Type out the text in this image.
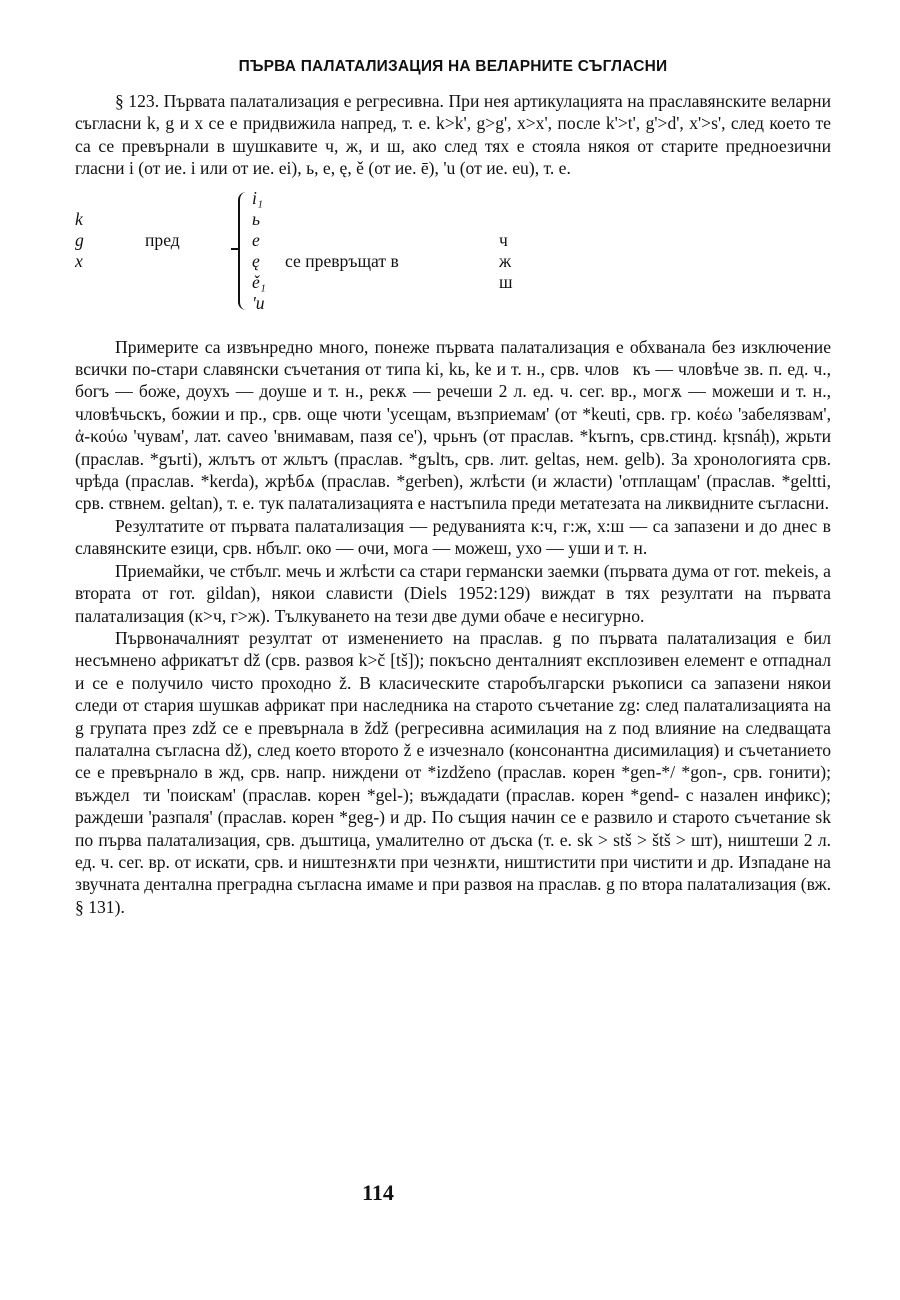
ПЪРВА ПАЛАТАЛИЗАЦИЯ НА ВЕЛАРНИТЕ СЪГЛАСНИ

§ 123. Първата палатализация е регресивна. При нея артикулацията на праславянските веларни съгласни k, g и x се е придвижила напред, т. е. k>k', g>g', x>x', после k'>t', g'>d', x'>s', след което те са се превърнали в шушкавите ч, ж, и ш, ако след тях е стояла някоя от старите предноезични гласни i (от ие. i или от ие. ei), ь, e, ę, ě (от ие. ē), 'u (от ие. eu), т. е.

k
g
x
пред
i₁
ь
e
ę
ě₁
'u
се превръщат в
ч
ж
ш

Примерите са извънредно много, понеже първата палатализация е обхванала без изключение всички по-стари славянски съчетания от типа ki, kь, ke и т. н., срв. члов꙽къ — чловѣче зв. п. ед. ч., богъ — боже, доухъ — доуше и т. н., рекѫ — речеши 2 л. ед. ч. сег. вр., могѫ — можеши и т. н., чловѣчьскъ, божии и пр., срв. още чюти 'усещам, възприемам' (от *keuti, срв. гр. κοέω 'забелязвам', ἀ-κούω 'чувам', лат. caveo 'внимавам, пазя се'), чрьнъ (от праслав. *kъrnъ, срв.стинд. kṛsnáḥ), жрьти (праслав. *gъrti), жлътъ от жльтъ (праслав. *gъltъ, срв. лит. geltas, нем. gelb). За хронологията срв. чрѣда (праслав. *kerda), жрѣбѧ (праслав. *gerben), жлѣсти (и жлаcти) 'отплащам' (праслав. *geltti, срв. ствнем. geltan), т. е. тук палатализацията е настъпила преди метатезата на ликвидните съгласни.

Резултатите от първата палатализация — редуванията к:ч, г:ж, х:ш — са запазени и до днес в славянските езици, срв. нбълг. око — очи, мога — можеш, ухо — уши и т. н.

Приемайки, че стбълг. мечь и жлѣсти са стари германски заемки (първата дума от гот. mekeis, а втората от гот. gildan), някои слависти (Diels 1952:129) виждат в тях резултати на първата палатализация (к>ч, г>ж). Тълкуването на тези две думи обаче е несигурно.

Първоначалният резултат от изменението на праслав. g по първата палатализация е бил несъмнено африкатът dž (срв. развоя k>č [tš]); покъсно денталният експлозивен елемент е отпаднал и се е получило чисто проходно ž. В класическите старобългарски ръкописи са запазени някои следи от стария шушкав африкат при наследника на старото съчетание zg: след палатализацията на g групата през zdž се е превърнала в ždž (регресивна асимилация на z под влияние на следващата палатална съгласна dž), след което второто ž е изчезнало (консонантна дисимилация) и съчетанието се е превърнало в жд, срв. напр. ниждени от *izdženo (праслав. корен *gen-*/ *gon-, срв. гонити); въждел꙽ти 'поискам' (праслав. корен *gel-); въждадати (праслав. корен *gend- с назален инфикс); раждеши 'разпаля' (праслав. корен *geg-) и др. По същия начин се е развило и старото съчетание sk по първа палатализация, срв. дъштица, умалително от дъска (т. е. sk > stš > štš > шт), ништеши 2 л. ед. ч. сег. вр. от искати, срв. и ништезнѫти при чезнѫти, ништистити при чистити и др. Изпадане на звучната дентална преградна съгласна имаме и при развоя на праслав. g по втора палатализация (вж. § 131).

114
